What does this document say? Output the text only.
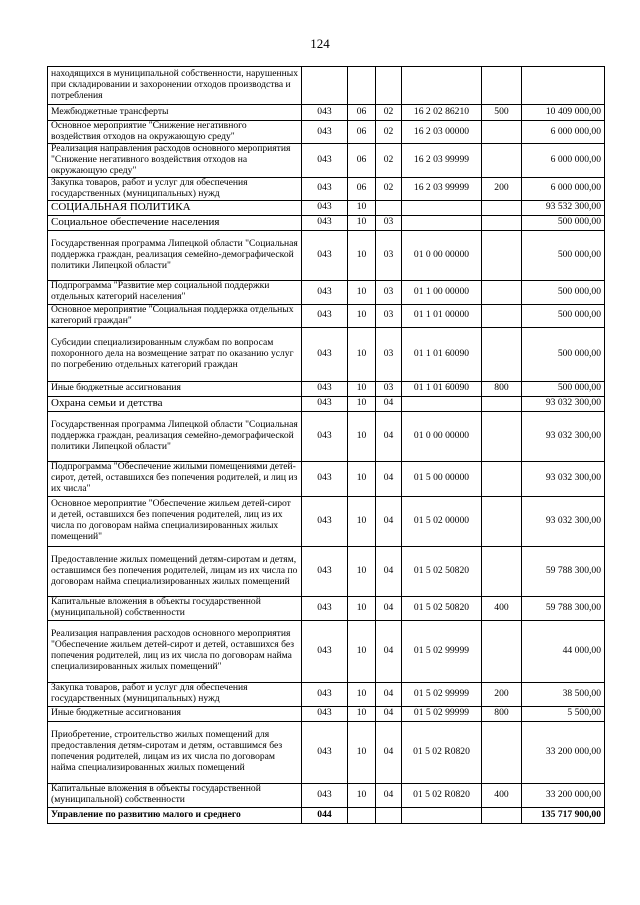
124
находящихся в муниципальной собственности, нарушенных при складировании и захоронении отходов производства и потребления						
Межбюджетные трансферты	043	06	02	16 2 02 86210	500	10 409 000,00
Основное мероприятие "Снижение негативного воздействия отходов на окружающую среду"	043	06	02	16 2 03 00000		6 000 000,00
Реализация направления расходов основного мероприятия "Снижение негативного воздействия отходов на окружающую среду"	043	06	02	16 2 03 99999		6 000 000,00
Закупка товаров, работ и услуг для обеспечения государственных (муниципальных) нужд	043	06	02	16 2 03 99999	200	6 000 000,00
СОЦИАЛЬНАЯ ПОЛИТИКА	043	10				93 532 300,00
Социальное обеспечение населения	043	10	03			500 000,00
Государственная программа Липецкой области "Социальная поддержка граждан, реализация семейно-демографической политики Липецкой области"	043	10	03	01 0 00 00000		500 000,00
Подпрограмма "Развитие мер социальной поддержки отдельных категорий населения"	043	10	03	01 1 00 00000		500 000,00
Основное мероприятие "Социальная поддержка отдельных категорий граждан"	043	10	03	01 1 01 00000		500 000,00
Субсидии специализированным службам по вопросам похоронного дела на возмещение затрат по оказанию услуг по погребению отдельных категорий граждан	043	10	03	01 1 01 60090		500 000,00
Иные бюджетные ассигнования	043	10	03	01 1 01 60090	800	500 000,00
Охрана семьи и детства	043	10	04			93 032 300,00
Государственная программа Липецкой области "Социальная поддержка граждан, реализация семейно-демографической политики Липецкой области"	043	10	04	01 0 00 00000		93 032 300,00
Подпрограмма "Обеспечение жилыми помещениями детей-сирот, детей, оставшихся без попечения родителей, и лиц из их числа"	043	10	04	01 5 00 00000		93 032 300,00
Основное мероприятие "Обеспечение жильем детей-сирот и детей, оставшихся без попечения родителей, лиц из их числа по договорам найма специализированных жилых помещений"	043	10	04	01 5 02 00000		93 032 300,00
Предоставление жилых помещений детям-сиротам и детям, оставшимся без попечения родителей, лицам из их числа по договорам найма специализированных жилых помещений	043	10	04	01 5 02 50820		59 788 300,00
Капитальные вложения в объекты государственной (муниципальной) собственности	043	10	04	01 5 02 50820	400	59 788 300,00
Реализация направления расходов основного мероприятия "Обеспечение жильем детей-сирот и детей, оставшихся без попечения родителей, лиц из их числа по договорам найма специализированных жилых помещений"	043	10	04	01 5 02 99999		44 000,00
Закупка товаров, работ и услуг для обеспечения государственных (муниципальных) нужд	043	10	04	01 5 02 99999	200	38 500,00
Иные бюджетные ассигнования	043	10	04	01 5 02 99999	800	5 500,00
Приобретение, строительство жилых помещений для предоставления детям-сиротам и детям, оставшимся без попечения родителей, лицам из их числа по договорам найма специализированных жилых помещений	043	10	04	01 5 02 R0820		33 200 000,00
Капитальные вложения в объекты государственной (муниципальной) собственности	043	10	04	01 5 02 R0820	400	33 200 000,00
Управление по развитию малого и среднего	044					135 717 900,00
